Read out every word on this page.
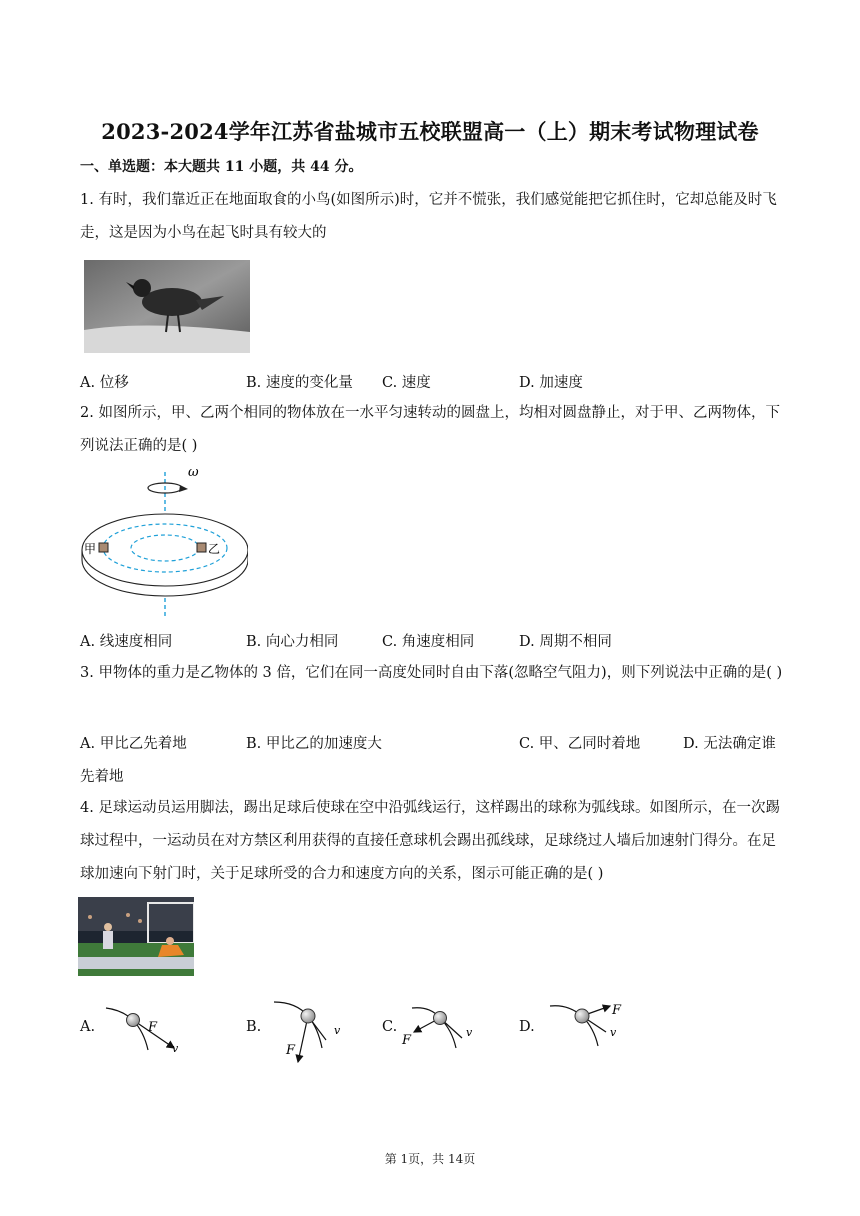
2023-2024学年江苏省盐城市五校联盟高一（上）期末考试物理试卷
一、单选题：本大题共 11 小题，共 44 分。
1. 有时，我们靠近正在地面取食的小鸟(如图所示)时，它并不慌张，我们感觉能把它抓住时，它却总能及时飞走，这是因为小鸟在起飞时具有较大的
A. 位移	B. 速度的变化量 C. 速度	D. 加速度
2. 如图所示，甲、乙两个相同的物体放在一水平匀速转动的圆盘上，均相对圆盘静止，对于甲、乙两物体，下列说法正确的是( )
ω
甲	乙
A. 线速度相同	B. 向心力相同	C. 角速度相同	D. 周期不相同
3. 甲物体的重力是乙物体的 3 倍，它们在同一高度处同时自由下落(忽略空气阻力)，则下列说法中正确的是( )
A. 甲比乙先着地	B. 甲比乙的加速度大	C. 甲、乙同时着地	D. 无法确定谁
先着地
4. 足球运动员运用脚法，踢出足球后使球在空中沿弧线运行，这样踢出的球称为弧线球。如图所示，在一次踢球过程中，一运动员在对方禁区利用获得的直接任意球机会踢出孤线球，足球绕过人墙后加速射门得分。在足球加速向下射门时，关于足球所受的合力和速度方向的关系，图示可能正确的是( )
A.	F
v
B.
F
v	C.
F
v	D.
F
v
第 1页，共 14页
